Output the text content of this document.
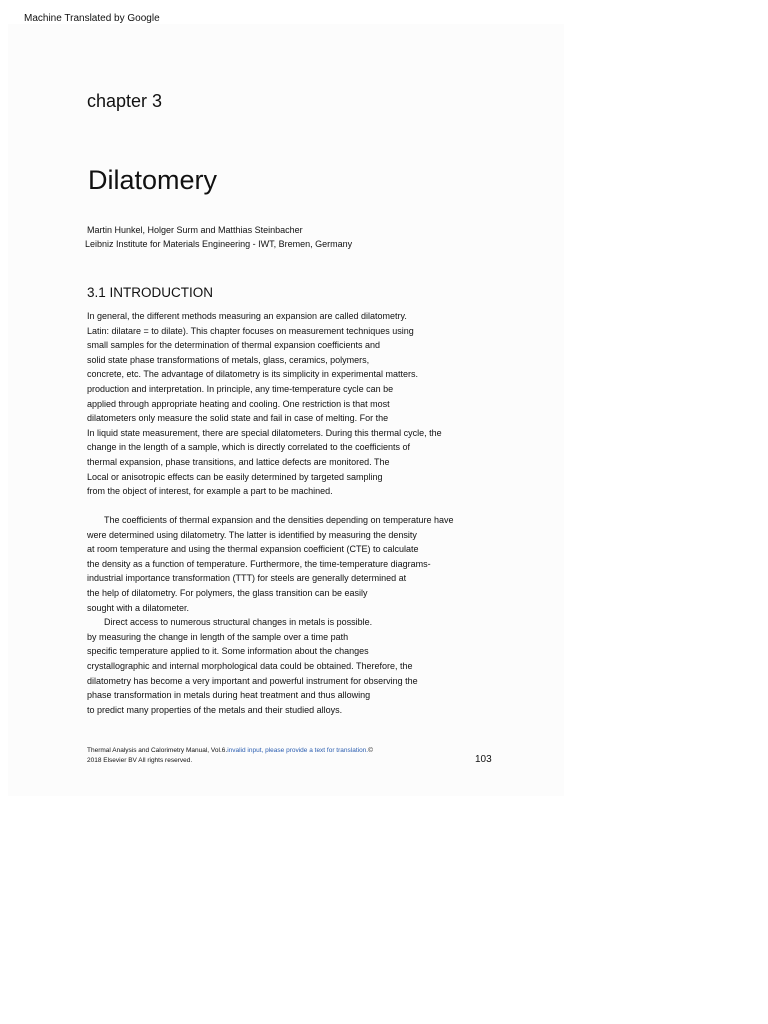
Machine Translated by Google
chapter 3
Dilatomery
Martin Hunkel, Holger Surm and Matthias Steinbacher
Leibniz Institute for Materials Engineering - IWT, Bremen, Germany
3.1 INTRODUCTION
In general, the different methods measuring an expansion are called dilatometry.
Latin: dilatare = to dilate). This chapter focuses on measurement techniques using
small samples for the determination of thermal expansion coefficients and
solid state phase transformations of metals, glass, ceramics, polymers,
concrete, etc. The advantage of dilatometry is its simplicity in experimental matters.
production and interpretation. In principle, any time-temperature cycle can be
applied through appropriate heating and cooling. One restriction is that most
dilatometers only measure the solid state and fail in case of melting. For the
In liquid state measurement, there are special dilatometers. During this thermal cycle, the
change in the length of a sample, which is directly correlated to the coefficients of
thermal expansion, phase transitions, and lattice defects are monitored. The
Local or anisotropic effects can be easily determined by targeted sampling
from the object of interest, for example a part to be machined.
The coefficients of thermal expansion and the densities depending on temperature have
were determined using dilatometry. The latter is identified by measuring the density
at room temperature and using the thermal expansion coefficient (CTE) to calculate
the density as a function of temperature. Furthermore, the time-temperature diagrams-
industrial importance transformation (TTT) for steels are generally determined at
the help of dilatometry. For polymers, the glass transition can be easily
sought with a dilatometer.
Direct access to numerous structural changes in metals is possible.
by measuring the change in length of the sample over a time path
specific temperature applied to it. Some information about the changes
crystallographic and internal morphological data could be obtained. Therefore, the
dilatometry has become a very important and powerful instrument for observing the
phase transformation in metals during heat treatment and thus allowing
to predict many properties of the metals and their studied alloys.
Thermal Analysis and Calorimetry Manual, Vol.6.invalid input, please provide a text for translation.©
2018 Elsevier BV All rights reserved.	103
